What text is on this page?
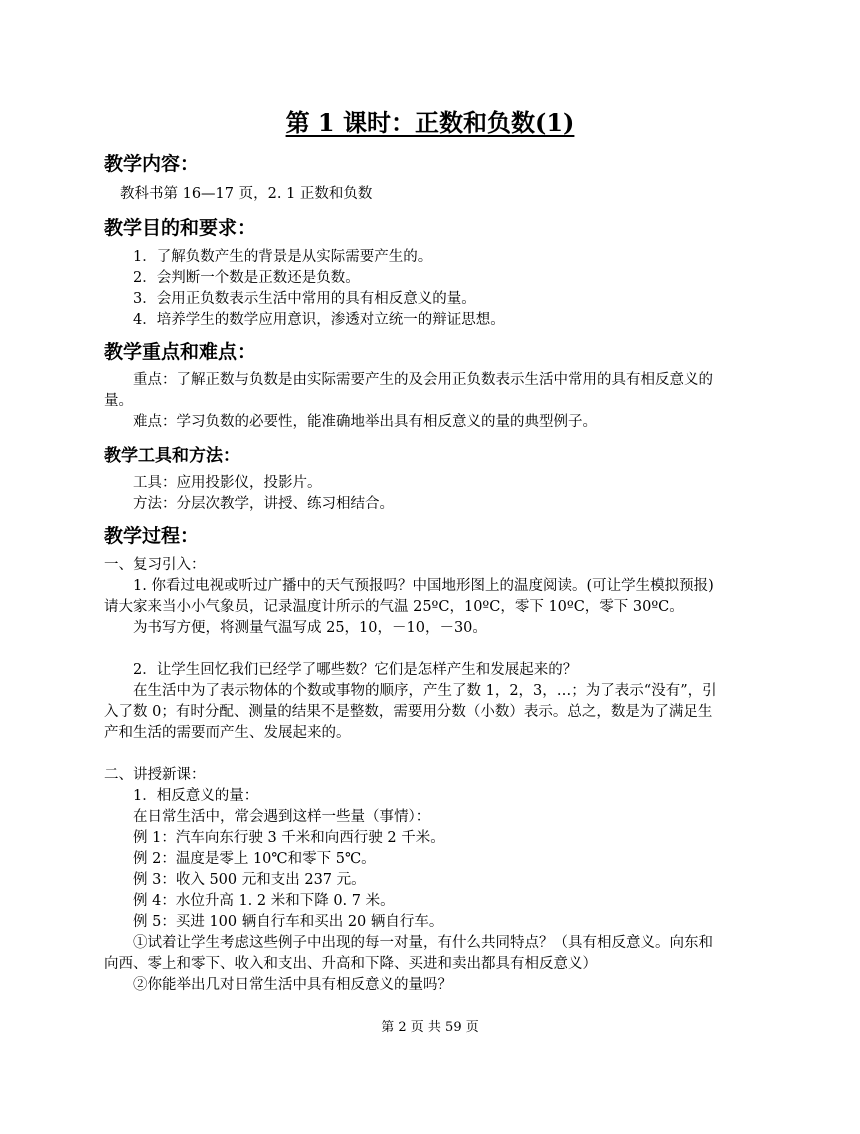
第 1 课时：正数和负数(1)
教学内容：

教科书第 16—17 页，2. 1 正数和负数

教学目的和要求：

1．了解负数产生的背景是从实际需要产生的。

2．会判断一个数是正数还是负数。

3．会用正负数表示生活中常用的具有相反意义的量。

4．培养学生的数学应用意识，渗透对立统一的辩证思想。

教学重点和难点：

重点：了解正数与负数是由实际需要产生的及会用正负数表示生活中常用的具有相反意义的

量。

难点：学习负数的必要性，能准确地举出具有相反意义的量的典型例子。

教学工具和方法：

工具：应用投影仪，投影片。

方法：分层次教学，讲授、练习相结合。

教学过程：

一、复习引入：

1. 你看过电视或听过广播中的天气预报吗？中国地形图上的温度阅读。(可让学生模拟预报)

请大家来当小小气象员，记录温度计所示的气温 25ºC，10ºC，零下 10ºC，零下 30ºC。

为书写方便，将测量气温写成 25，10，－10，－30。

2．让学生回忆我们已经学了哪些数？它们是怎样产生和发展起来的？

在生活中为了表示物体的个数或事物的顺序，产生了数 1，2，3，…；为了表示“没有”，引

入了数 0；有时分配、测量的结果不是整数，需要用分数（小数）表示。总之，数是为了满足生

产和生活的需要而产生、发展起来的。

二、讲授新课：

1．相反意义的量：

在日常生活中，常会遇到这样一些量（事情）：

例 1：汽车向东行驶 3 千米和向西行驶 2 千米。

例 2：温度是零上 10℃和零下 5℃。

例 3：收入 500 元和支出 237 元。

例 4：水位升高 1. 2 米和下降 0. 7 米。

例 5：买进 100 辆自行车和买出 20 辆自行车。

①试着让学生考虑这些例子中出现的每一对量，有什么共同特点？（具有相反意义。向东和

向西、零上和零下、收入和支出、升高和下降、买进和卖出都具有相反意义）

②你能举出几对日常生活中具有相反意义的量吗？

第 2 页 共 59 页
